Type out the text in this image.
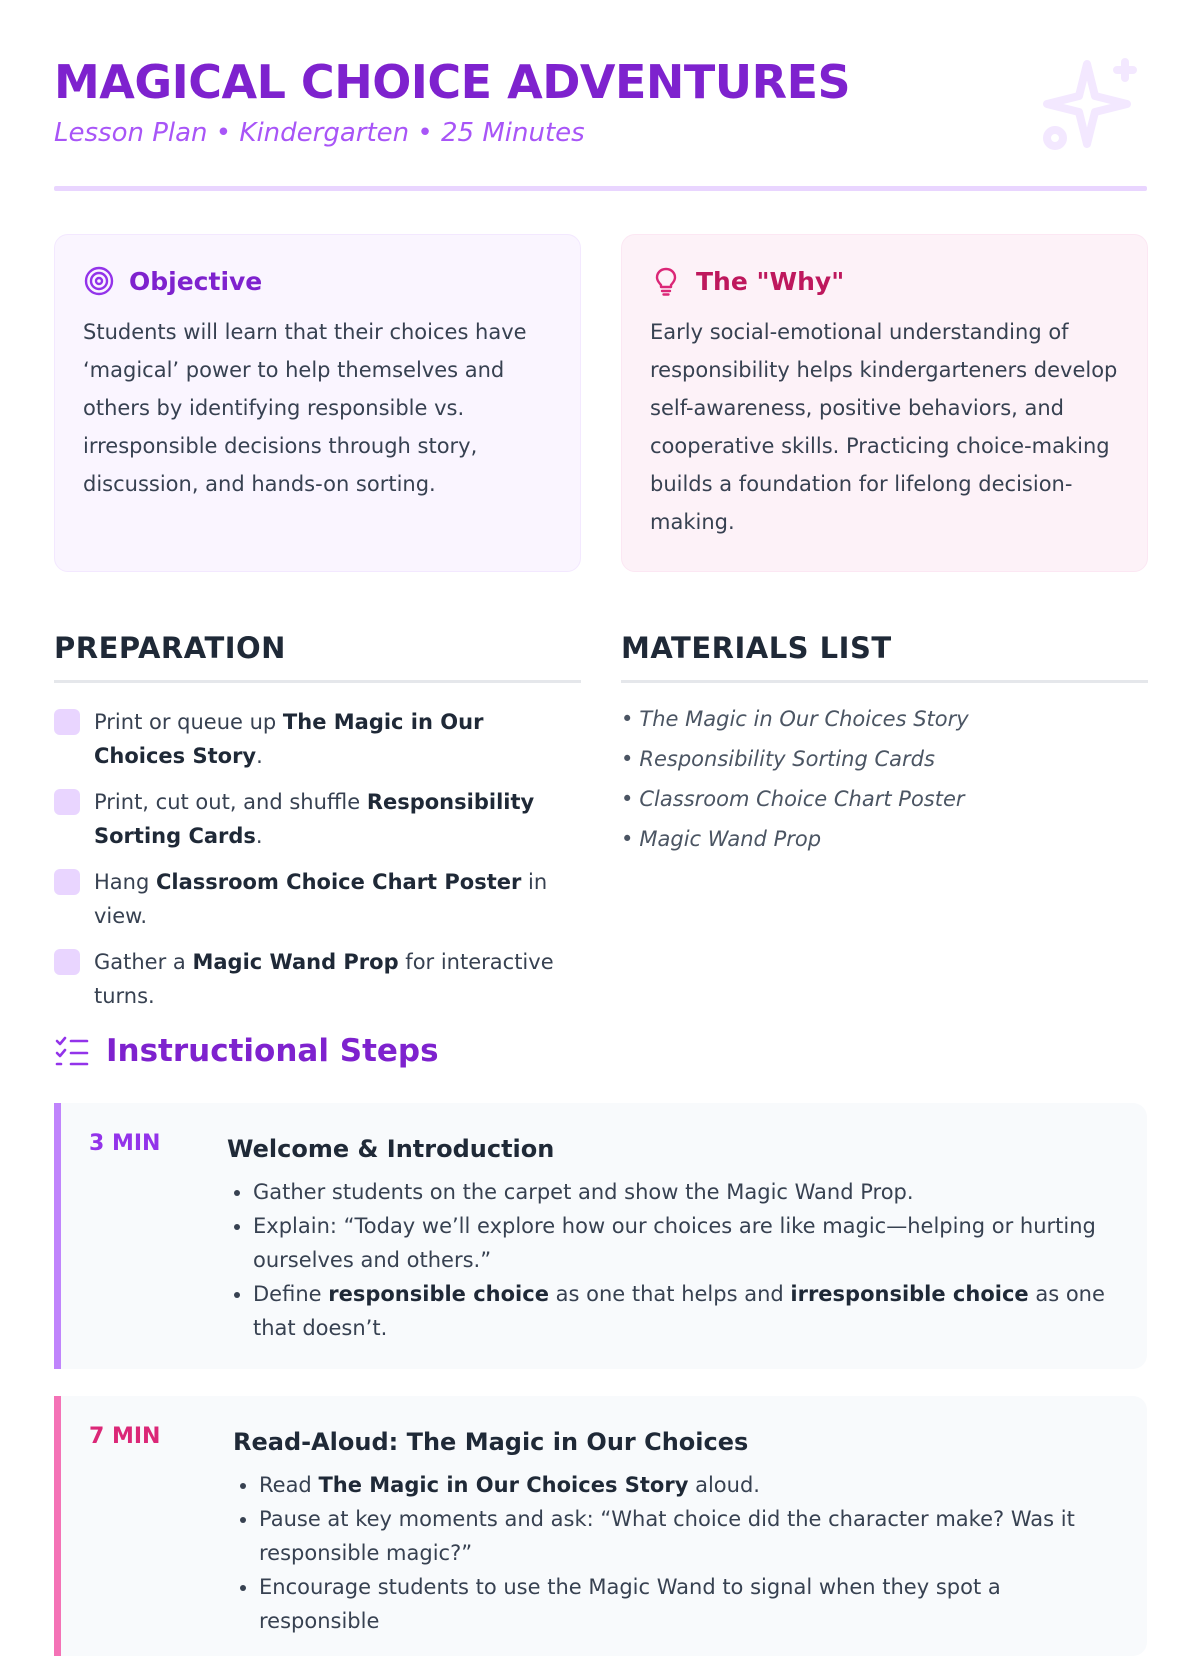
MAGICAL CHOICE ADVENTURES
Lesson Plan • Kindergarten • 25 Minutes
Objective

Students will learn that their choices have ‘magical’ power to help themselves and others by identifying responsible vs. irresponsible decisions through story, discussion, and hands-on sorting.

The "Why"

Early social-emotional understanding of responsibility helps kindergarteners develop self-awareness, positive behaviors, and cooperative skills. Practicing choice-making builds a foundation for lifelong decision-making.

PREPARATION
Print or queue up The Magic in Our Choices Story.
Print, cut out, and shuffle Responsibility Sorting Cards.
Hang Classroom Choice Chart Poster in view.
Gather a Magic Wand Prop for interactive turns.
MATERIALS LIST
• The Magic in Our Choices Story
• Responsibility Sorting Cards
• Classroom Choice Chart Poster
• Magic Wand Prop
Instructional Steps
3 MIN	Welcome & Introduction
• Gather students on the carpet and show the Magic Wand Prop.
• Explain: “Today we’ll explore how our choices are like magic—helping or hurting ourselves and others.”
• Define responsible choice as one that helps and irresponsible choice as one that doesn’t.
7 MIN	Read-Aloud: The Magic in Our Choices
• Read The Magic in Our Choices Story aloud.
• Pause at key moments and ask: “What choice did the character make? Was it responsible magic?”
• Encourage students to use the Magic Wand to signal when they spot a responsible
